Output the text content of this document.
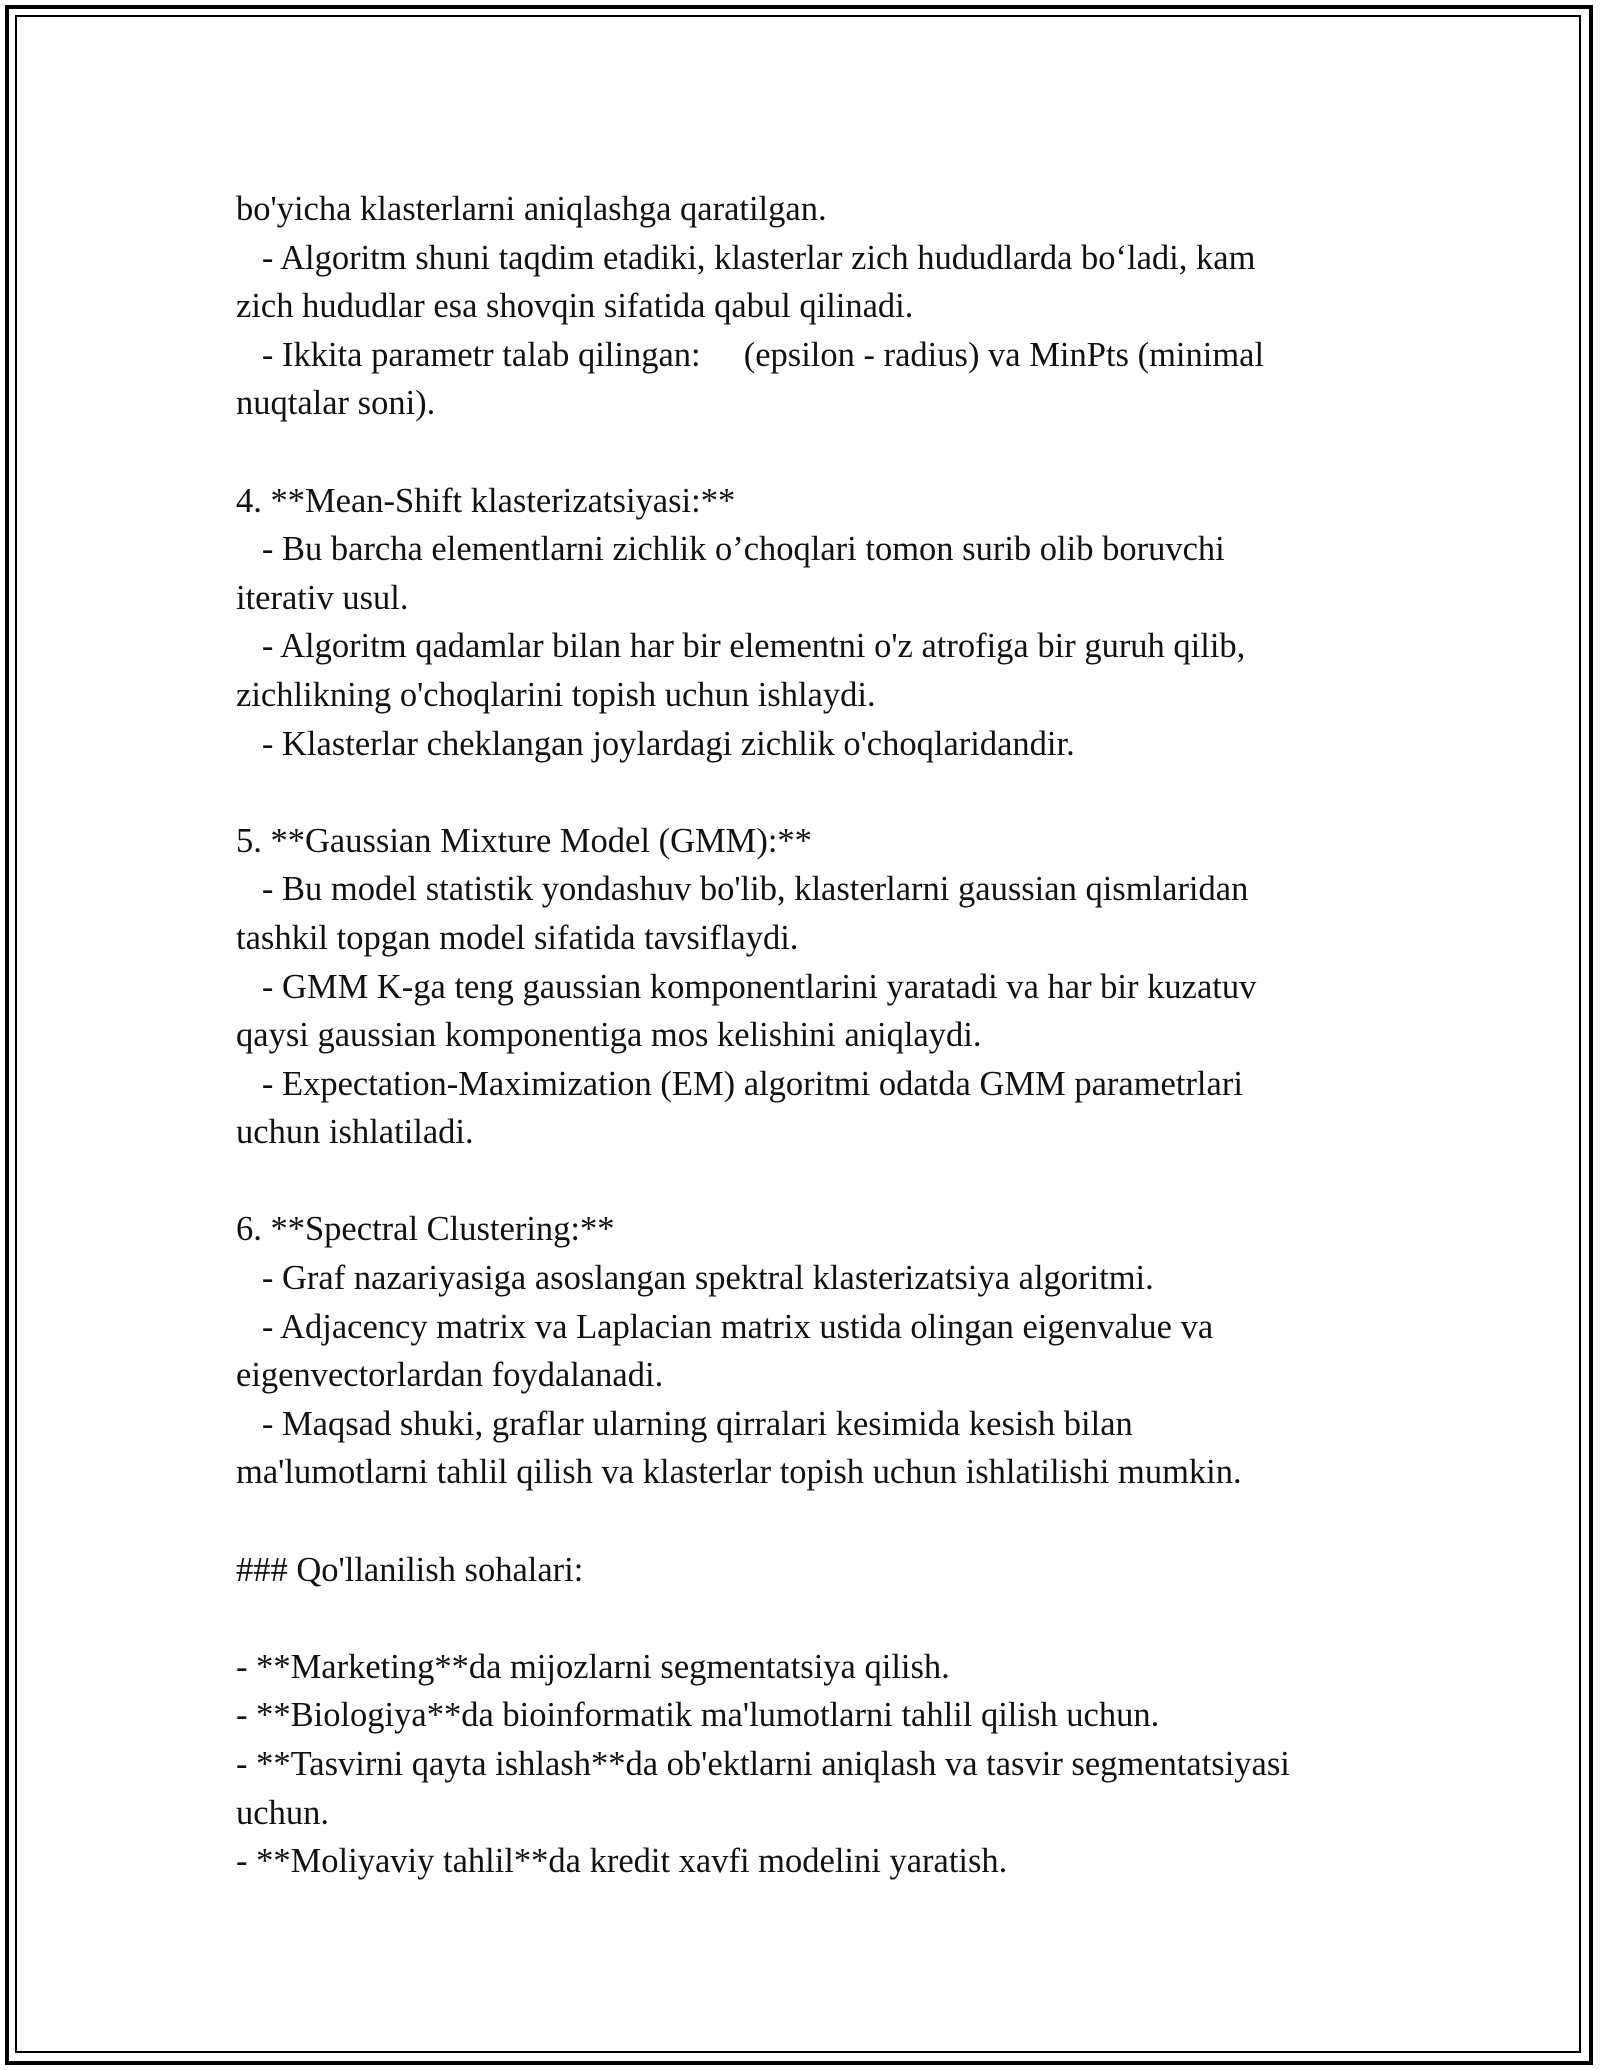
bo'yicha klasterlarni aniqlashga qaratilgan.
- Algoritm shuni taqdim etadiki, klasterlar zich hududlarda bo‘ladi, kam
zich hududlar esa shovqin sifatida qabul qilinadi.
- Ikkita parametr talab qilingan:     (epsilon - radius) va MinPts (minimal
nuqtalar soni).
4. **Mean-Shift klasterizatsiyasi:**
- Bu barcha elementlarni zichlik o’choqlari tomon surib olib boruvchi
iterativ usul.
- Algoritm qadamlar bilan har bir elementni o'z atrofiga bir guruh qilib,
zichlikning o'choqlarini topish uchun ishlaydi.
- Klasterlar cheklangan joylardagi zichlik o'choqlaridandir.
5. **Gaussian Mixture Model (GMM):**
- Bu model statistik yondashuv bo'lib, klasterlarni gaussian qismlaridan
tashkil topgan model sifatida tavsiflaydi.
- GMM K-ga teng gaussian komponentlarini yaratadi va har bir kuzatuv
qaysi gaussian komponentiga mos kelishini aniqlaydi.
- Expectation-Maximization (EM) algoritmi odatda GMM parametrlari
uchun ishlatiladi.
6. **Spectral Clustering:**
- Graf nazariyasiga asoslangan spektral klasterizatsiya algoritmi.
- Adjacency matrix va Laplacian matrix ustida olingan eigenvalue va
eigenvectorlardan foydalanadi.
- Maqsad shuki, graflar ularning qirralari kesimida kesish bilan
ma'lumotlarni tahlil qilish va klasterlar topish uchun ishlatilishi mumkin.
### Qo'llanilish sohalari:
- **Marketing**da mijozlarni segmentatsiya qilish.
- **Biologiya**da bioinformatik ma'lumotlarni tahlil qilish uchun.
- **Tasvirni qayta ishlash**da ob'ektlarni aniqlash va tasvir segmentatsiyasi
uchun.
- **Moliyaviy tahlil**da kredit xavfi modelini yaratish.
